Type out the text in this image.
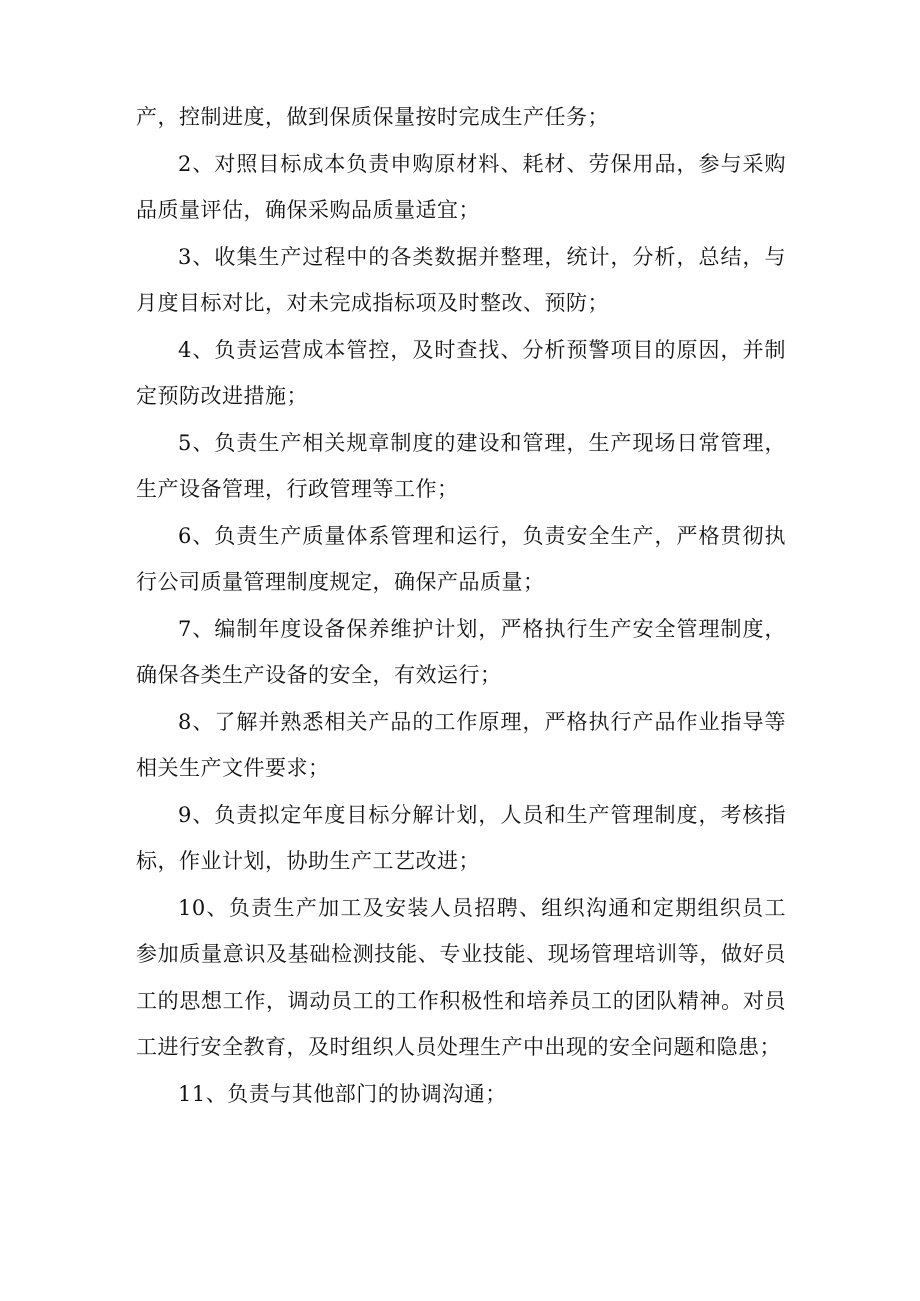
产，控制进度，做到保质保量按时完成生产任务；

2、对照目标成本负责申购原材料、耗材、劳保用品，参与采购品质量评估，确保采购品质量适宜；

3、收集生产过程中的各类数据并整理，统计，分析，总结，与月度目标对比，对未完成指标项及时整改、预防；

4、负责运营成本管控，及时查找、分析预警项目的原因，并制定预防改进措施；

5、负责生产相关规章制度的建设和管理，生产现场日常管理，生产设备管理，行政管理等工作；

6、负责生产质量体系管理和运行，负责安全生产，严格贯彻执行公司质量管理制度规定，确保产品质量；

7、编制年度设备保养维护计划，严格执行生产安全管理制度，确保各类生产设备的安全，有效运行；

8、了解并熟悉相关产品的工作原理，严格执行产品作业指导等相关生产文件要求；

9、负责拟定年度目标分解计划，人员和生产管理制度，考核指标，作业计划，协助生产工艺改进；

10、负责生产加工及安装人员招聘、组织沟通和定期组织员工参加质量意识及基础检测技能、专业技能、现场管理培训等，做好员工的思想工作，调动员工的工作积极性和培养员工的团队精神。对员工进行安全教育，及时组织人员处理生产中出现的安全问题和隐患；

11、负责与其他部门的协调沟通；
